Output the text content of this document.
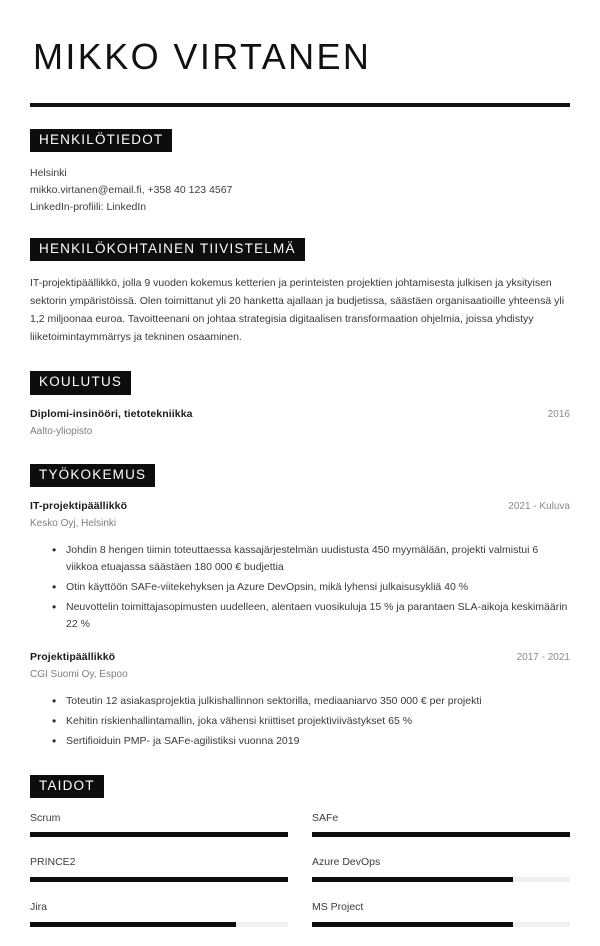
MIKKO VIRTANEN
HENKILÖTIEDOT
Helsinki
mikko.virtanen@email.fi, +358 40 123 4567
LinkedIn-profiili: LinkedIn
HENKILÖKOHTAINEN TIIVISTELMÄ
IT-projektipäällikkö, jolla 9 vuoden kokemus ketterien ja perinteisten projektien johtamisesta julkisen ja yksityisen sektorin ympäristöissä. Olen toimittanut yli 20 hanketta ajallaan ja budjetissa, säästäen organisaatioille yhteensä yli 1,2 miljoonaa euroa. Tavoitteenani on johtaa strategisia digitaalisen transformaation ohjelmia, joissa yhdistyy liiketoimintaymmärrys ja tekninen osaaminen.
KOULUTUS
Diplomi-insinööri, tietotekniikka	2016
Aalto-yliopisto
TYÖKOKEMUS
IT-projektipäällikkö	2021 - Kuluva
Kesko Oyj, Helsinki
• Johdin 8 hengen tiimin toteuttaessa kassajärjestelmän uudistusta 450 myymälään, projekti valmistui 6 viikkoa etuajassa säästäen 180 000 € budjettia
• Otin käyttöön SAFe-viitekehyksen ja Azure DevOpsin, mikä lyhensi julkaisusykliä 40 %
• Neuvottelin toimittajasopimusten uudelleen, alentaen vuosikuluja 15 % ja parantaen SLA-aikoja keskimäärin 22 %
Projektipäällikkö	2017 - 2021
CGI Suomi Oy, Espoo
• Toteutin 12 asiakasprojektia julkishallinnon sektorilla, mediaaniarvo 350 000 € per projekti
• Kehitin riskienhallintamallin, joka vähensi kriittiset projektiviivästykset 65 %
• Sertifioiduin PMP- ja SAFe-agilistiksi vuonna 2019
TAIDOT
Scrum	SAFe
PRINCE2	Azure DevOps
Jira	MS Project
